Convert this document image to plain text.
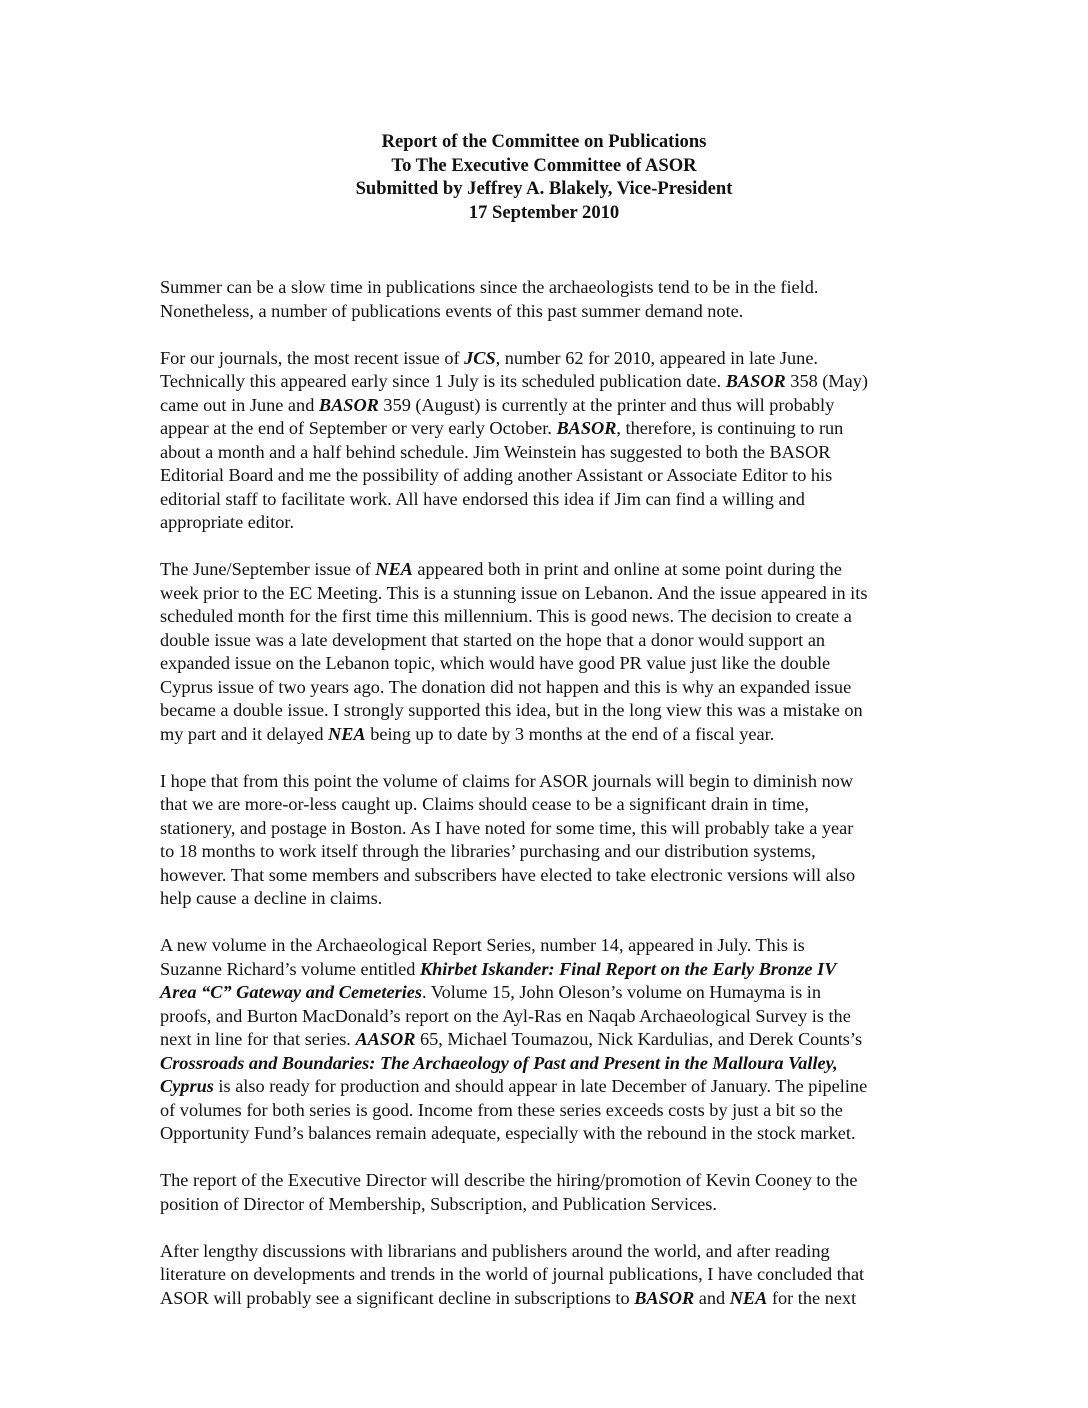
Report of the Committee on Publications
To The Executive Committee of ASOR
Submitted by Jeffrey A. Blakely, Vice-President
17 September 2010

Summer can be a slow time in publications since the archaeologists tend to be in the field.
Nonetheless, a number of publications events of this past summer demand note.

For our journals, the most recent issue of JCS, number 62 for 2010, appeared in late June.
Technically this appeared early since 1 July is its scheduled publication date. BASOR 358 (May)
came out in June and BASOR 359 (August) is currently at the printer and thus will probably
appear at the end of September or very early October. BASOR, therefore, is continuing to run
about a month and a half behind schedule. Jim Weinstein has suggested to both the BASOR
Editorial Board and me the possibility of adding another Assistant or Associate Editor to his
editorial staff to facilitate work. All have endorsed this idea if Jim can find a willing and
appropriate editor.

The June/September issue of NEA appeared both in print and online at some point during the
week prior to the EC Meeting. This is a stunning issue on Lebanon. And the issue appeared in its
scheduled month for the first time this millennium. This is good news. The decision to create a
double issue was a late development that started on the hope that a donor would support an
expanded issue on the Lebanon topic, which would have good PR value just like the double
Cyprus issue of two years ago. The donation did not happen and this is why an expanded issue
became a double issue. I strongly supported this idea, but in the long view this was a mistake on
my part and it delayed NEA being up to date by 3 months at the end of a fiscal year.

I hope that from this point the volume of claims for ASOR journals will begin to diminish now
that we are more-or-less caught up. Claims should cease to be a significant drain in time,
stationery, and postage in Boston. As I have noted for some time, this will probably take a year
to 18 months to work itself through the libraries’ purchasing and our distribution systems,
however. That some members and subscribers have elected to take electronic versions will also
help cause a decline in claims.

A new volume in the Archaeological Report Series, number 14, appeared in July. This is
Suzanne Richard’s volume entitled Khirbet Iskander: Final Report on the Early Bronze IV
Area “C” Gateway and Cemeteries. Volume 15, John Oleson’s volume on Humayma is in
proofs, and Burton MacDonald’s report on the Ayl-Ras en Naqab Archaeological Survey is the
next in line for that series. AASOR 65, Michael Toumazou, Nick Kardulias, and Derek Counts’s
Crossroads and Boundaries: The Archaeology of Past and Present in the Malloura Valley,
Cyprus is also ready for production and should appear in late December of January. The pipeline
of volumes for both series is good. Income from these series exceeds costs by just a bit so the
Opportunity Fund’s balances remain adequate, especially with the rebound in the stock market.

The report of the Executive Director will describe the hiring/promotion of Kevin Cooney to the
position of Director of Membership, Subscription, and Publication Services.

After lengthy discussions with librarians and publishers around the world, and after reading
literature on developments and trends in the world of journal publications, I have concluded that
ASOR will probably see a significant decline in subscriptions to BASOR and NEA for the next
